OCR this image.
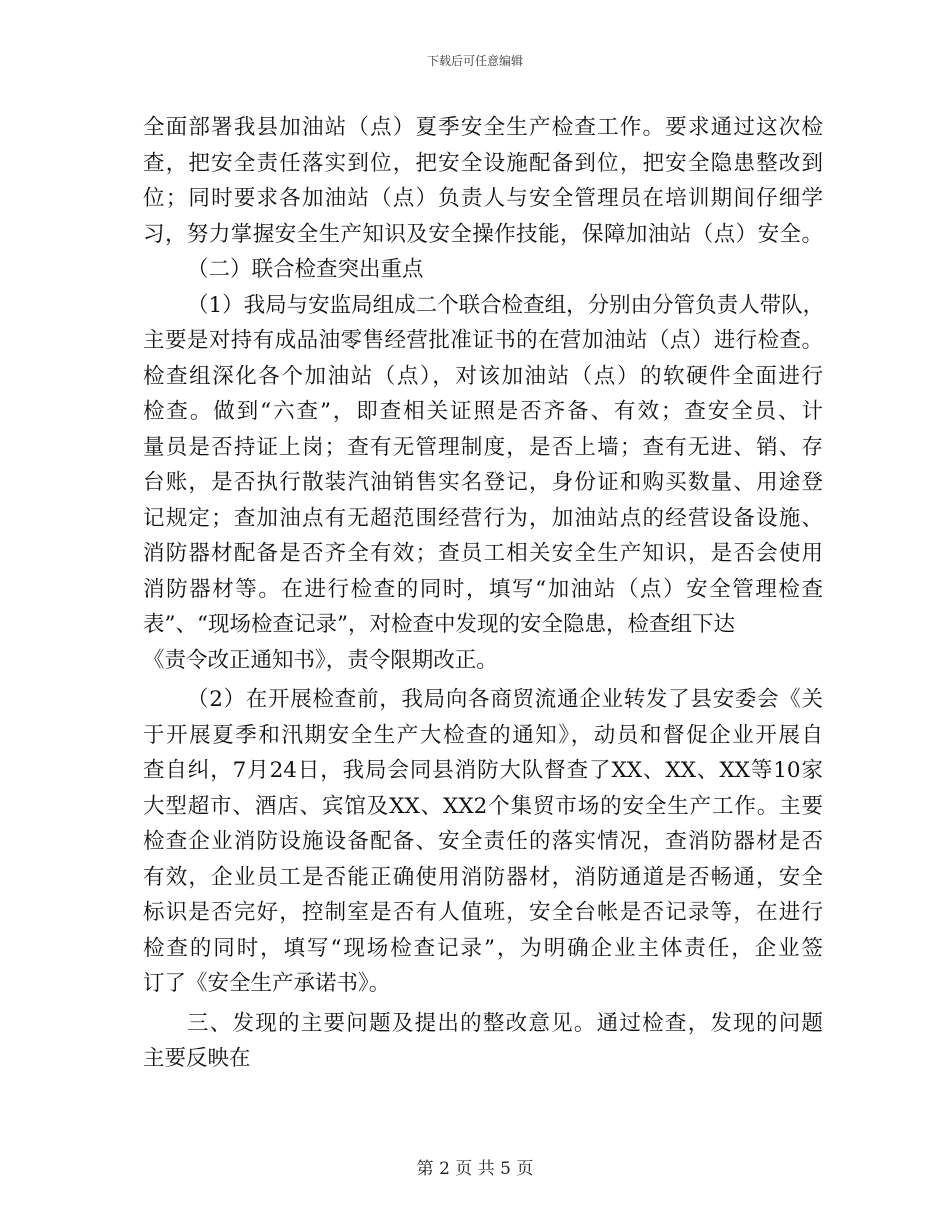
下载后可任意编辑
全面部署我县加油站（点）夏季安全生产检查工作。要求通过这次检
查，把安全责任落实到位，把安全设施配备到位，把安全隐患整改到
位；同时要求各加油站（点）负责人与安全管理员在培训期间仔细学
习，努力掌握安全生产知识及安全操作技能，保障加油站（点）安全。
（二）联合检查突出重点
（1）我局与安监局组成二个联合检查组，分别由分管负责人带队，
主要是对持有成品油零售经营批准证书的在营加油站（点）进行检查。
检查组深化各个加油站（点），对该加油站（点）的软硬件全面进行
检查。做到“六查”，即查相关证照是否齐备、有效；查安全员、计
量员是否持证上岗；查有无管理制度，是否上墙；查有无进、销、存
台账，是否执行散装汽油销售实名登记，身份证和购买数量、用途登
记规定；查加油点有无超范围经营行为，加油站点的经营设备设施、
消防器材配备是否齐全有效；查员工相关安全生产知识，是否会使用
消防器材等。在进行检查的同时，填写“加油站（点）安全管理检查
表”、“现场检查记录”，对检查中发现的安全隐患，检查组下达
《责令改正通知书》，责令限期改正。
（2）在开展检查前，我局向各商贸流通企业转发了县安委会《关
于开展夏季和汛期安全生产大检查的通知》，动员和督促企业开展自
查自纠，7月24日，我局会同县消防大队督查了XX、XX、XX等10家
大型超市、酒店、宾馆及XX、XX2个集贸市场的安全生产工作。主要
检查企业消防设施设备配备、安全责任的落实情况，查消防器材是否
有效，企业员工是否能正确使用消防器材，消防通道是否畅通，安全
标识是否完好，控制室是否有人值班，安全台帐是否记录等，在进行
检查的同时，填写“现场检查记录”，为明确企业主体责任，企业签
订了《安全生产承诺书》。
三、发现的主要问题及提出的整改意见。通过检查，发现的问题
主要反映在
第 2 页 共 5 页
